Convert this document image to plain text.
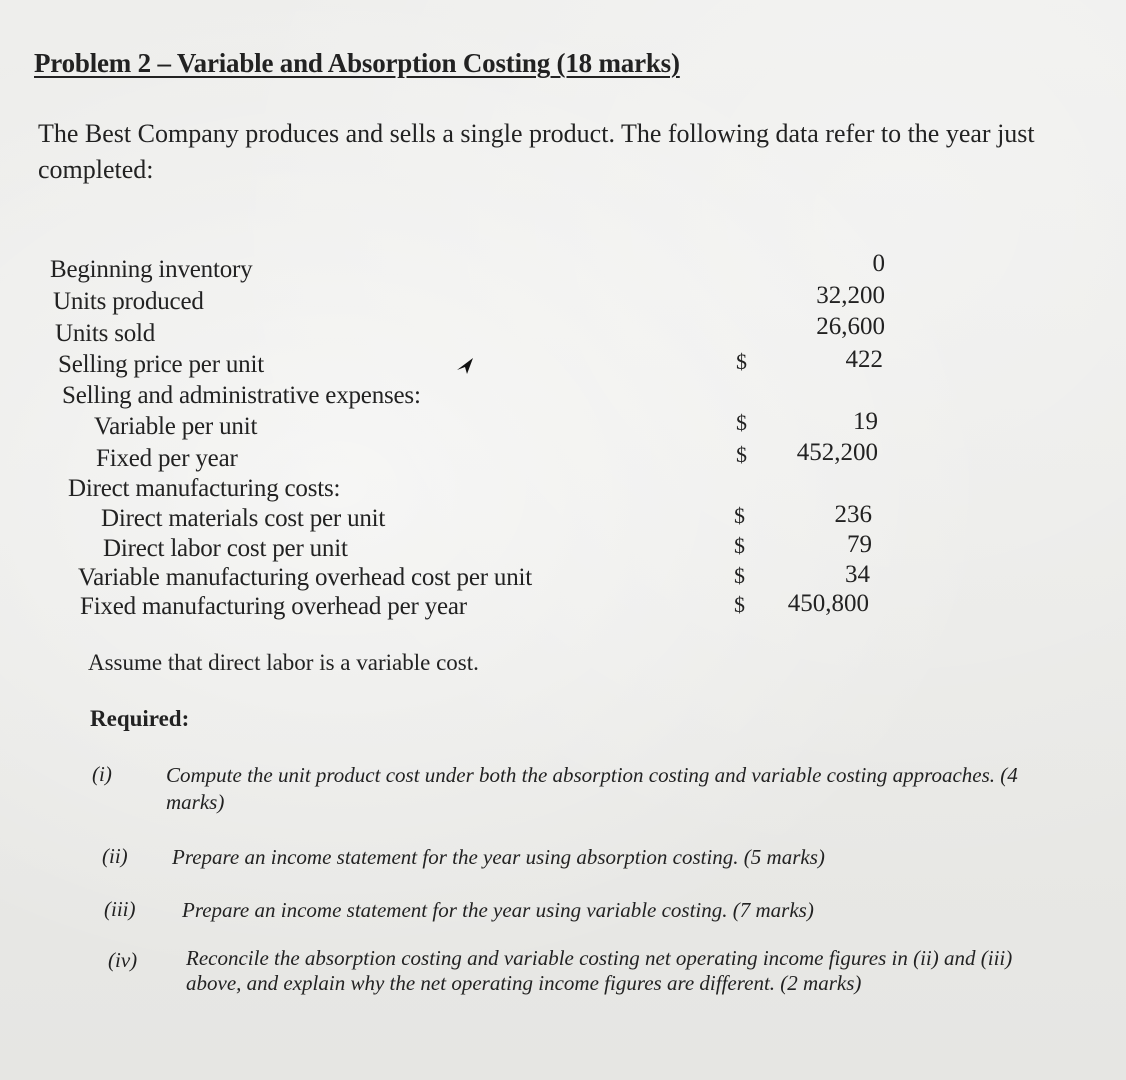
Problem 2 – Variable and Absorption Costing (18 marks)
The Best Company produces and sells a single product. The following data refer to the year just completed:
Beginning inventory
Units produced
Units sold
Selling price per unit
Selling and administrative expenses:
Variable per unit
Fixed per year
Direct manufacturing costs:
Direct materials cost per unit
Direct labor cost per unit
Variable manufacturing overhead cost per unit
Fixed manufacturing overhead per year
$
$
$
$
$
$
$
0
32,200
26,600
422
19
452,200
236
79
34
450,800
Assume that direct labor is a variable cost.
Required:
(i)	Compute the unit product cost under both the absorption costing and variable costing approaches. (4 marks)
(ii) Prepare an income statement for the year using absorption costing. (5 marks)
(iii) Prepare an income statement for the year using variable costing. (7 marks)
(iv) Reconcile the absorption costing and variable costing net operating income figures in (ii) and (iii) above, and explain why the net operating income figures are different. (2 marks)
